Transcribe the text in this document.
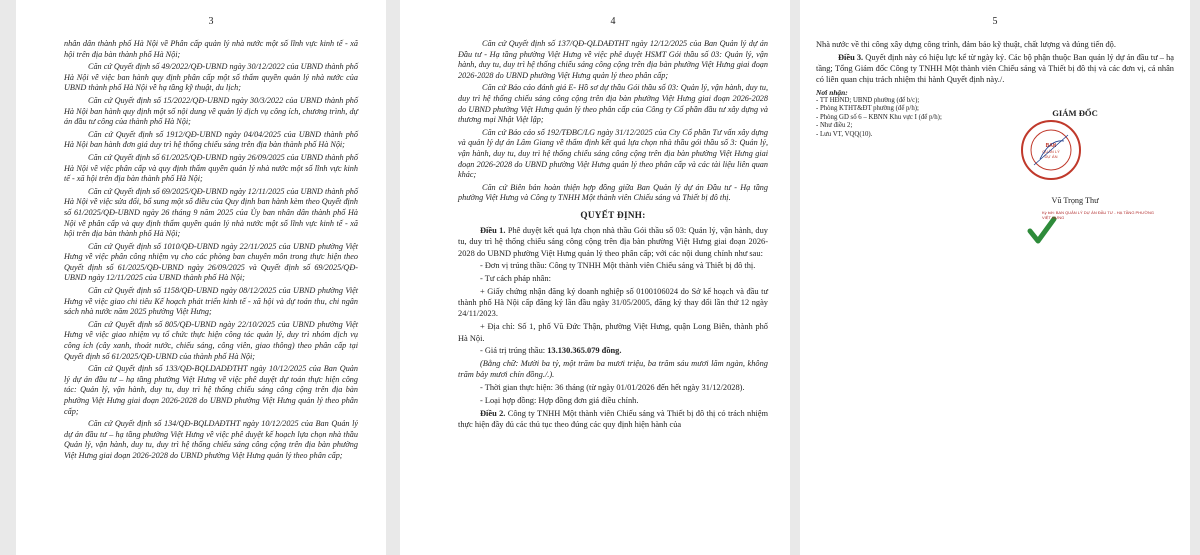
3

nhân dân thành phố Hà Nội về Phân cấp quản lý nhà nước một số lĩnh vực kinh tế - xã hội trên địa bàn thành phố Hà Nội;

Căn cứ Quyết định số 49/2022/QĐ-UBND ngày 30/12/2022 của UBND thành phố Hà Nội về việc ban hành quy định phân cấp một số thẩm quyền quản lý nhà nước của UBND thành phố Hà Nội về hạ tầng kỹ thuật, du lịch;

Căn cứ Quyết định số 15/2022/QĐ-UBND ngày 30/3/2022 của UBND thành phố Hà Nội ban hành quy định một số nội dung về quản lý dịch vụ công ích, chương trình, dự án đầu tư công của thành phố Hà Nội;

Căn cứ Quyết định số 1912/QĐ-UBND ngày 04/04/2025 của UBND thành phố Hà Nội ban hành đơn giá duy trì hệ thống chiếu sáng trên địa bàn thành phố Hà Nội;

Căn cứ Quyết định số 61/2025/QĐ-UBND ngày 26/09/2025 của UBND thành phố Hà Nội về việc phân cấp và quy định thẩm quyền quản lý nhà nước một số lĩnh vực kinh tế - xã hội trên địa bàn thành phố Hà Nội;

Căn cứ Quyết định số 69/2025/QĐ-UBND ngày 12/11/2025 của UBND thành phố Hà Nội về việc sửa đổi, bổ sung một số điều của Quy định ban hành kèm theo Quyết định số 61/2025/QĐ-UBND ngày 26 tháng 9 năm 2025 của Ủy ban nhân dân thành phố Hà Nội về phân cấp và quy định thẩm quyền quản lý nhà nước một số lĩnh vực kinh tế - xã hội trên địa bàn thành phố Hà Nội;

Căn cứ Quyết định số 1010/QĐ-UBND ngày 22/11/2025 của UBND phường Việt Hưng về việc phân công nhiệm vụ cho các phòng ban chuyên môn trong thực hiện theo Quyết định số 61/2025/QĐ-UBND ngày 26/09/2025 và Quyết định số 69/2025/QĐ-UBND ngày 12/11/2025 của UBND thành phố Hà Nội;

Căn cứ Quyết định số 1158/QĐ-UBND ngày 08/12/2025 của UBND phường Việt Hưng về việc giao chi tiêu Kế hoạch phát triển kinh tế - xã hội và dự toán thu, chi ngân sách nhà nước năm 2025 phường Việt Hưng;

Căn cứ Quyết định số 805/QĐ-UBND ngày 22/10/2025 của UBND phường Việt Hưng về việc giao nhiệm vụ tổ chức thực hiện công tác quản lý, duy trì nhóm dịch vụ công ích (cây xanh, thoát nước, chiếu sáng, công viên, giao thông) theo phân cấp tại Quyết định số 61/2025/QĐ-UBND của thành phố Hà Nội;

Căn cứ Quyết định số 133/QĐ-BQLDADĐTHT ngày 10/12/2025 của Ban Quản lý dự án đầu tư – hạ tầng phường Việt Hưng về việc phê duyệt dự toán thực hiện công tác: Quản lý, vận hành, duy tu, duy trì hệ thống chiếu sáng công cộng trên địa bàn phường Việt Hưng giai đoạn 2026-2028 do UBND phường Việt Hưng quản lý theo phân cấp;

Căn cứ Quyết định số 134/QĐ-BQLDAĐTHT ngày 10/12/2025 của Ban Quản lý dự án đầu tư – hạ tầng phường Việt Hưng về việc phê duyệt kế hoạch lựa chọn nhà thầu Quản lý, vận hành, duy tu, duy trì hệ thống chiếu sáng công cộng trên địa bàn phường Việt Hưng giai đoạn 2026-2028 do UBND phường Việt Hưng quản lý theo phân cấp;

4

Căn cứ Quyết định số 137/QĐ-QLDAĐTHT ngày 12/12/2025 của Ban Quản lý dự án Đầu tư - Hạ tầng phường Việt Hưng về việc phê duyệt HSMT Gói thầu số 03: Quản lý, vận hành, duy tu, duy trì hệ thống chiếu sáng công cộng trên địa bàn phường Việt Hưng giai đoạn 2026-2028 do UBND phường Việt Hưng quản lý theo phân cấp;

Căn cứ Báo cáo đánh giá E- Hồ sơ dự thầu Gói thầu số 03: Quản lý, vận hành, duy tu, duy trì hệ thống chiếu sáng công cộng trên địa bàn phường Việt Hưng giai đoạn 2026-2028 do UBND phường Việt Hưng quản lý theo phân cấp của Công ty Cổ phần đầu tư xây dựng và thương mại Nhật Việt lập;

Căn cứ Báo cáo số 192/TĐBC/LG ngày 31/12/2025 của Cty Cổ phần Tư vấn xây dựng và quản lý dự án Lâm Giang về thẩm định kết quả lựa chọn nhà thầu gói thầu số 3: Quản lý, vận hành, duy tu, duy trì hệ thống chiếu sáng công cộng trên địa bàn phường Việt Hưng giai đoạn 2026-2028 do UBND phường Việt Hưng quản lý theo phân cấp và các tài liệu liên quan khác;

Căn cứ Biên bản hoàn thiện hợp đồng giữa Ban Quản lý dự án Đầu tư - Hạ tầng phường Việt Hưng và Công ty TNHH Một thành viên Chiếu sáng và Thiết bị đô thị.

QUYẾT ĐỊNH:

Điều 1. Phê duyệt kết quả lựa chọn nhà thầu Gói thầu số 03: Quản lý, vận hành, duy tu, duy trì hệ thống chiếu sáng công cộng trên địa bàn phường Việt Hưng giai đoạn 2026-2028 do UBND phường Việt Hưng quản lý theo phân cấp; với các nội dung chính như sau:

- Đơn vị trúng thầu: Công ty TNHH Một thành viên Chiếu sáng và Thiết bị đô thị.

- Tư cách pháp nhân:

+ Giấy chứng nhận đăng ký doanh nghiệp số 0100106024 do Sở kế hoạch và đầu tư thành phố Hà Nội cấp đăng ký lần đầu ngày 31/05/2005, đăng ký thay đổi lần thứ 12 ngày 24/11/2023.

+ Địa chỉ: Số 1, phố Vũ Đức Thận, phường Việt Hưng, quận Long Biên, thành phố Hà Nội.

- Giá trị trúng thầu: 13.130.365.079 đồng.

(Bằng chữ: Mười ba tỷ, một trăm ba mươi triệu, ba trăm sáu mươi lăm ngàn, không trăm bảy mươi chín đồng./.).

- Thời gian thực hiện: 36 tháng (từ ngày 01/01/2026 đến hết ngày 31/12/2028).

- Loại hợp đồng: Hợp đồng đơn giá điều chỉnh.

Điều 2. Công ty TNHH Một thành viên Chiếu sáng và Thiết bị đô thị có trách nhiệm thực hiện đầy đủ các thủ tục theo đúng các quy định hiện hành của

5

Nhà nước về thi công xây dựng công trình, đảm bảo kỹ thuật, chất lượng và đúng tiến độ.

Điều 3. Quyết định này có hiệu lực kể từ ngày ký. Các bộ phận thuộc Ban quản lý dự án đầu tư – hạ tầng; Tổng Giám đốc Công ty TNHH Một thành viên Chiếu sáng và Thiết bị đô thị và các đơn vị, cá nhân có liên quan chịu trách nhiệm thi hành Quyết định này./.

Nơi nhận:
- TT HĐND; UBND phường (để b/c);
- Phòng KTHT&ĐT phường (để p/h);
- Phòng GD số 6 – KBNN Khu vực I (để p/h);
- Như điều 2;
- Lưu VT, VQQ(10).
GIÁM ĐỐC
Vũ Trọng Thư
BAN
QUẢN LÝ
DỰ ÁN
Ký bởi: BAN QUẢN LÝ DỰ ÁN ĐẦU TƯ - HẠ TẦNG PHƯỜNG VIỆT HƯNG
